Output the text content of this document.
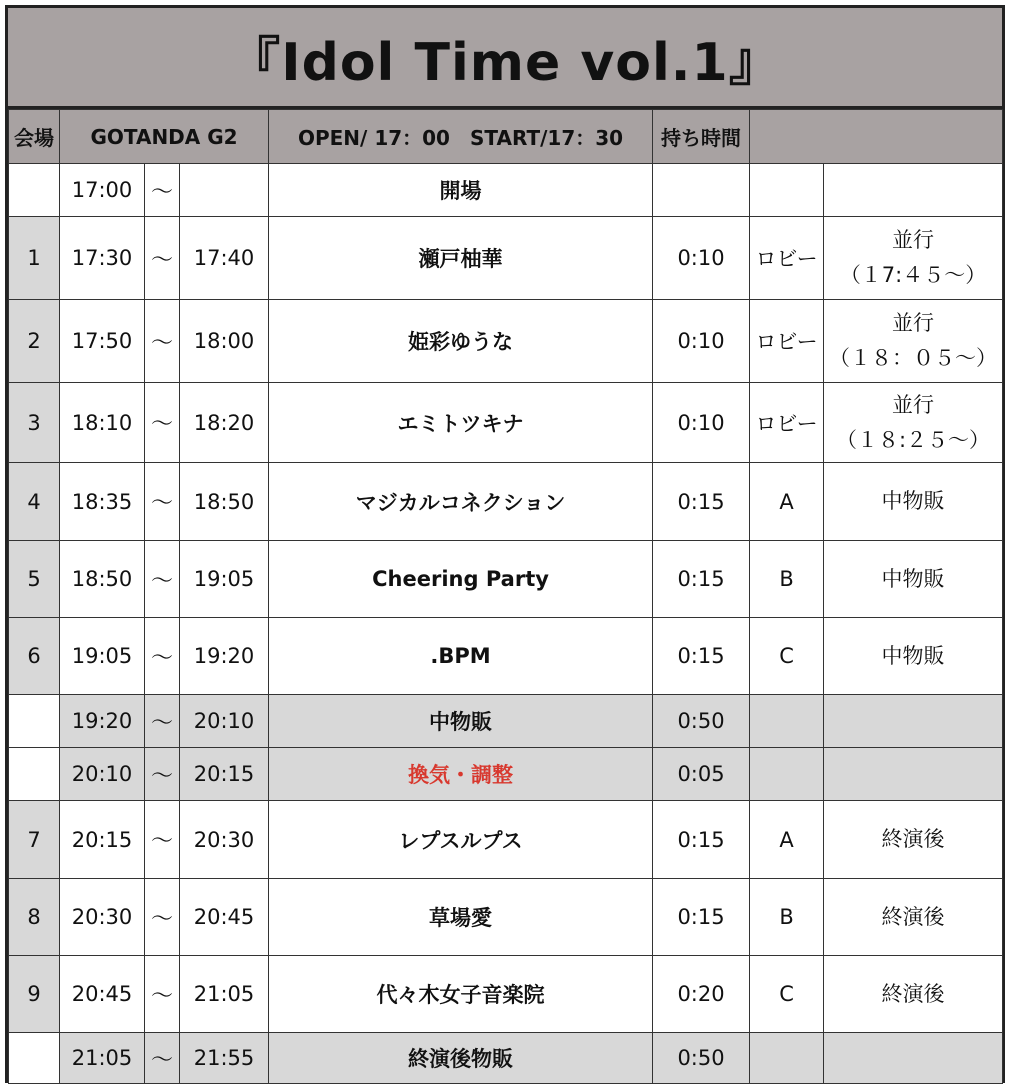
『Idol Time vol.1』
会場	GOTANDA G2			OPEN/ 17：00　START/17：30	持ち時間		
	17:00	～		開場			

1	17:30	～	17:40	瀬戸柚華	0:10	ロビー	並行
（１7:４５～）

2	17:50	～	18:00	姫彩ゆうな	0:10	ロビー	並行
（１８：０５～）

3	18:10	～	18:20	エミトツキナ	0:10	ロビー	並行
（１８:２５～）

4	18:35	～	18:50	マジカルコネクション	0:15	A	中物販

5	18:50	～	19:05	Cheering Party	0:15	B	中物販

6	19:05	～	19:20	.BPM	0:15	C	中物販

	19:20	～	20:10	中物販	0:50		

	20:10	～	20:15	換気・調整	0:05		

7	20:15	～	20:30	レプスルプス	0:15	A	終演後

8	20:30	～	20:45	草場愛	0:15	B	終演後

9	20:45	～	21:05	代々木女子音楽院	0:20	C	終演後

	21:05	～	21:55	終演後物販	0:50		
